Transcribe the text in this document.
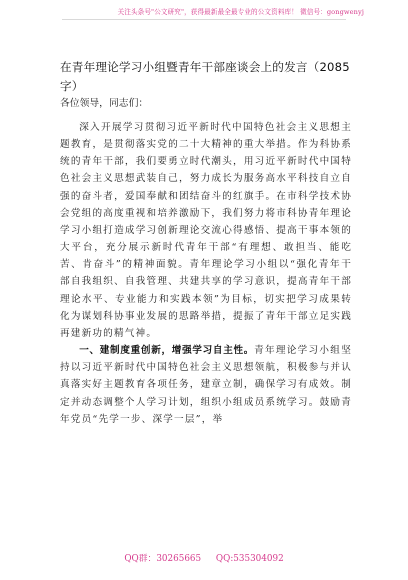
关注头条号"公文研究"，获得最新最全最专业的公文资料库！ 微信号：gongwenyj
在青年理论学习小组暨青年干部座谈会上的发言（2085字）
各位领导，同志们：

深入开展学习贯彻习近平新时代中国特色社会主义思想主题教育，是贯彻落实党的二十大精神的重大举措。作为科协系统的青年干部，我们要勇立时代潮头，用习近平新时代中国特色社会主义思想武装自己，努力成长为服务高水平科技自立自强的奋斗者，爱国奉献和团结奋斗的红旗手。在市科学技术协会党组的高度重视和培养激励下，我们努力将市科协青年理论学习小组打造成学习创新理论交流心得感悟、提高干事本领的大平台，充分展示新时代青年干部“有理想、敢担当、能吃苦、肯奋斗”的精神面貌。青年理论学习小组以“强化青年干部自我组织、自我管理、共建共享的学习意识，提高青年干部理论水平、专业能力和实践本领”为目标，切实把学习成果转化为谋划科协事业发展的思路举措，提振了青年干部立足实践再建新功的精气神。

一、建制度重创新，增强学习自主性。青年理论学习小组坚持以习近平新时代中国特色社会主义思想领航，积极参与并认真落实好主题教育各项任务，建章立制，确保学习有成效。制定并动态调整个人学习计划，组织小组成员系统学习。鼓励青年党员“先学一步、深学一层”，举

QQ群：30265665 QQ:535304092
